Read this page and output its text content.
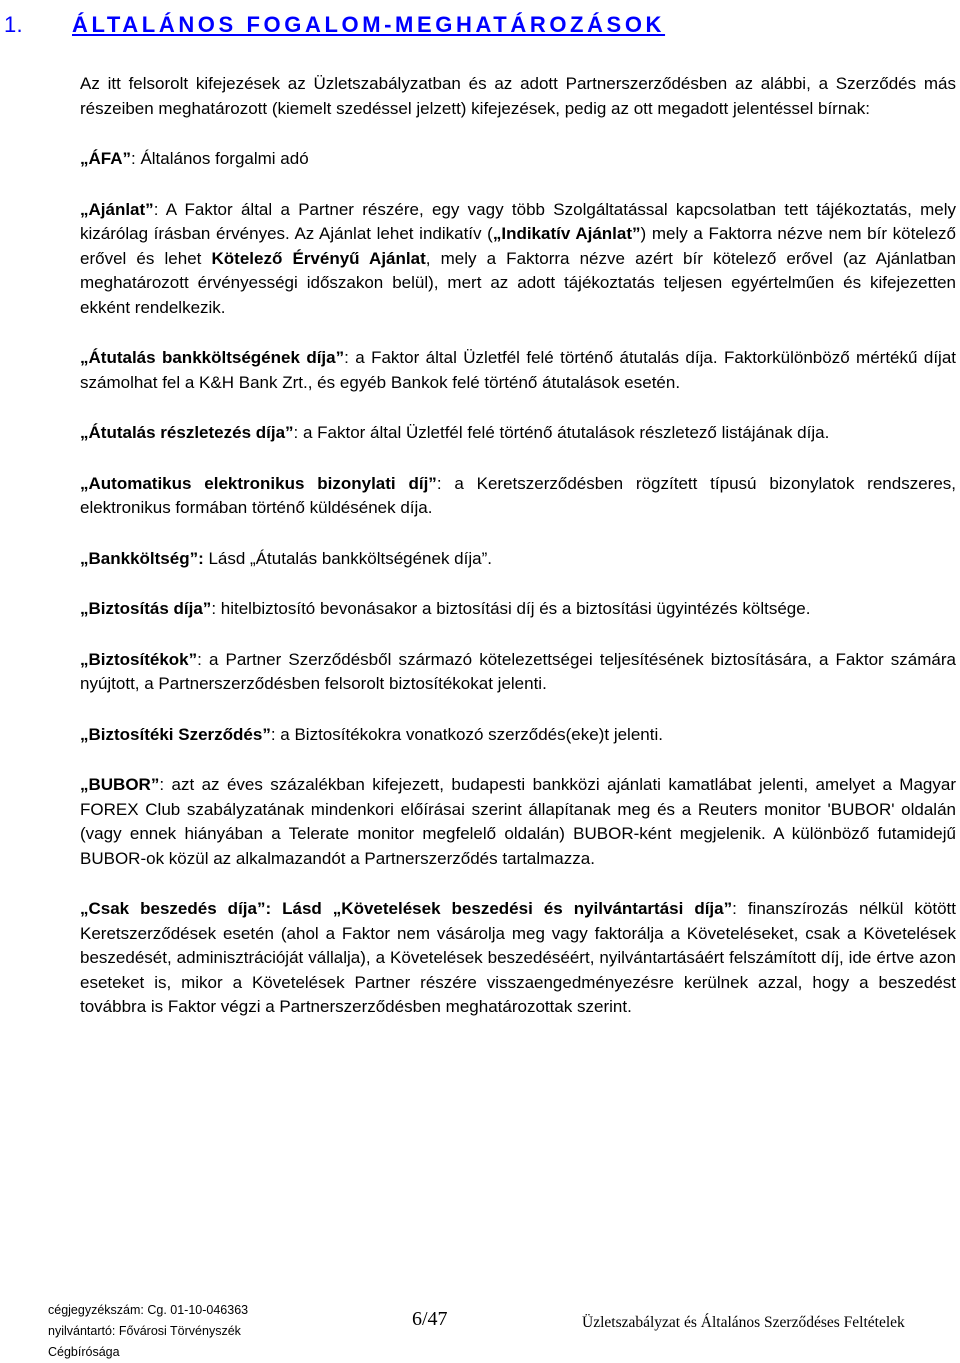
1. ÁLTALÁNOS FOGALOM-MEGHATÁROZÁSOK

Az itt felsorolt kifejezések az Üzletszabályzatban és az adott Partnerszerződésben az alábbi, a Szerződés más részeiben meghatározott (kiemelt szedéssel jelzett) kifejezések, pedig az ott megadott jelentéssel bírnak:

„ÁFA”: Általános forgalmi adó

„Ajánlat”: A Faktor által a Partner részére, egy vagy több Szolgáltatással kapcsolatban tett tájékoztatás, mely kizárólag írásban érvényes. Az Ajánlat lehet indikatív („Indikatív Ajánlat”) mely a Faktorra nézve nem bír kötelező erővel és lehet Kötelező Érvényű Ajánlat, mely a Faktorra nézve azért bír kötelező erővel (az Ajánlatban meghatározott érvényességi időszakon belül), mert az adott tájékoztatás teljesen egyértelműen és kifejezetten ekként rendelkezik.

„Átutalás bankköltségének díja”: a Faktor által Üzletfél felé történő átutalás díja. Faktorkülönböző mértékű díjat számolhat fel a K&H Bank Zrt., és egyéb Bankok felé történő átutalások esetén.

„Átutalás részletezés díja”: a Faktor által Üzletfél felé történő átutalások részletező listájának díja.

„Automatikus elektronikus bizonylati díj”: a Keretszerződésben rögzített típusú bizonylatok rendszeres, elektronikus formában történő küldésének díja.

„Bankköltség”: Lásd „Átutalás bankköltségének díja”.

„Biztosítás díja”: hitelbiztosító bevonásakor a biztosítási díj és a biztosítási ügyintézés költsége.

„Biztosítékok”: a Partner Szerződésből származó kötelezettségei teljesítésének biztosítására, a Faktor számára nyújtott, a Partnerszerződésben felsorolt biztosítékokat jelenti.

„Biztosítéki Szerződés”: a Biztosítékokra vonatkozó szerződés(eke)t jelenti.

„BUBOR”: azt az éves százalékban kifejezett, budapesti bankközi ajánlati kamatlábat jelenti, amelyet a Magyar FOREX Club szabályzatának mindenkori előírásai szerint állapítanak meg és a Reuters monitor 'BUBOR' oldalán (vagy ennek hiányában a Telerate monitor megfelelő oldalán) BUBOR-ként megjelenik. A különböző futamidejű BUBOR-ok közül az alkalmazandót a Partnerszerződés tartalmazza.

„Csak beszedés díja”: Lásd „Követelések beszedési és nyilvántartási díja”: finanszírozás nélkül kötött Keretszerződések esetén (ahol a Faktor nem vásárolja meg vagy faktorálja a Követeléseket, csak a Követelések beszedését, adminisztrációját vállalja), a Követelések beszedéséért, nyilvántartásáért felszámított díj, ide értve azon eseteket is, mikor a Követelések Partner részére visszaengedményezésre kerülnek azzal, hogy a beszedést továbbra is Faktor végzi a Partnerszerződésben meghatározottak szerint.

cégjegyzékszám: Cg. 01-10-046363
nyilvántartó: Fővárosi Törvényszék
Cégbírósága
6/47	Üzletszabályzat és Általános Szerződéses Feltételek
